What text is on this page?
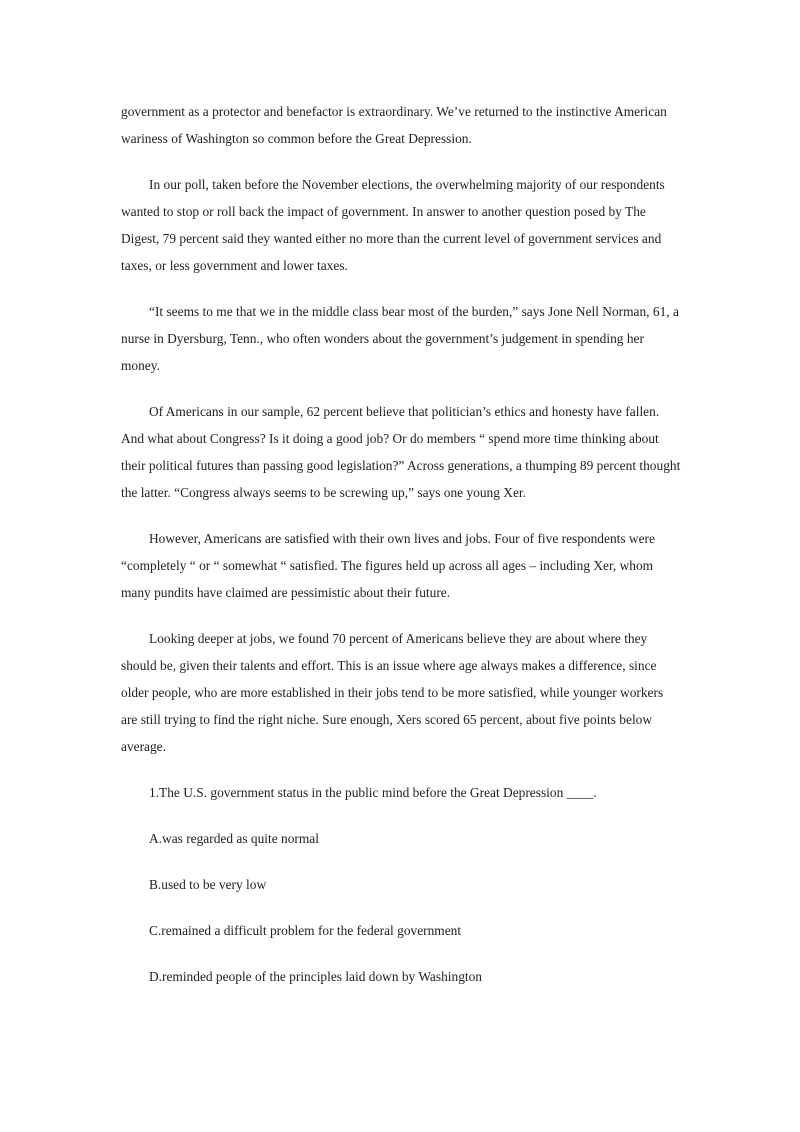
government as a protector and benefactor is extraordinary. We’ve returned to the instinctive American wariness of Washington so common before the Great Depression.

In our poll, taken before the November elections, the overwhelming majority of our respondents wanted to stop or roll back the impact of government. In answer to another question posed by The Digest, 79 percent said they wanted either no more than the current level of government services and taxes, or less government and lower taxes.

“It seems to me that we in the middle class bear most of the burden,” says Jone Nell Norman, 61, a nurse in Dyersburg, Tenn., who often wonders about the government’s judgement in spending her money.

Of Americans in our sample, 62 percent believe that politician’s ethics and honesty have fallen. And what about Congress? Is it doing a good job? Or do members “ spend more time thinking about their political futures than passing good legislation?” Across generations, a thumping 89 percent thought the latter. “Congress always seems to be screwing up,” says one young Xer.

However, Americans are satisfied with their own lives and jobs. Four of five respondents were “completely “ or “ somewhat “ satisfied. The figures held up across all ages – including Xer, whom many pundits have claimed are pessimistic about their future.

Looking deeper at jobs, we found 70 percent of Americans believe they are about where they should be, given their talents and effort. This is an issue where age always makes a difference, since older people, who are more established in their jobs tend to be more satisfied, while younger workers are still trying to find the right niche. Sure enough, Xers scored 65 percent, about five points below average.

1.The U.S. government status in the public mind before the Great Depression ____.

A.was regarded as quite normal

B.used to be very low

C.remained a difficult problem for the federal government

D.reminded people of the principles laid down by Washington
